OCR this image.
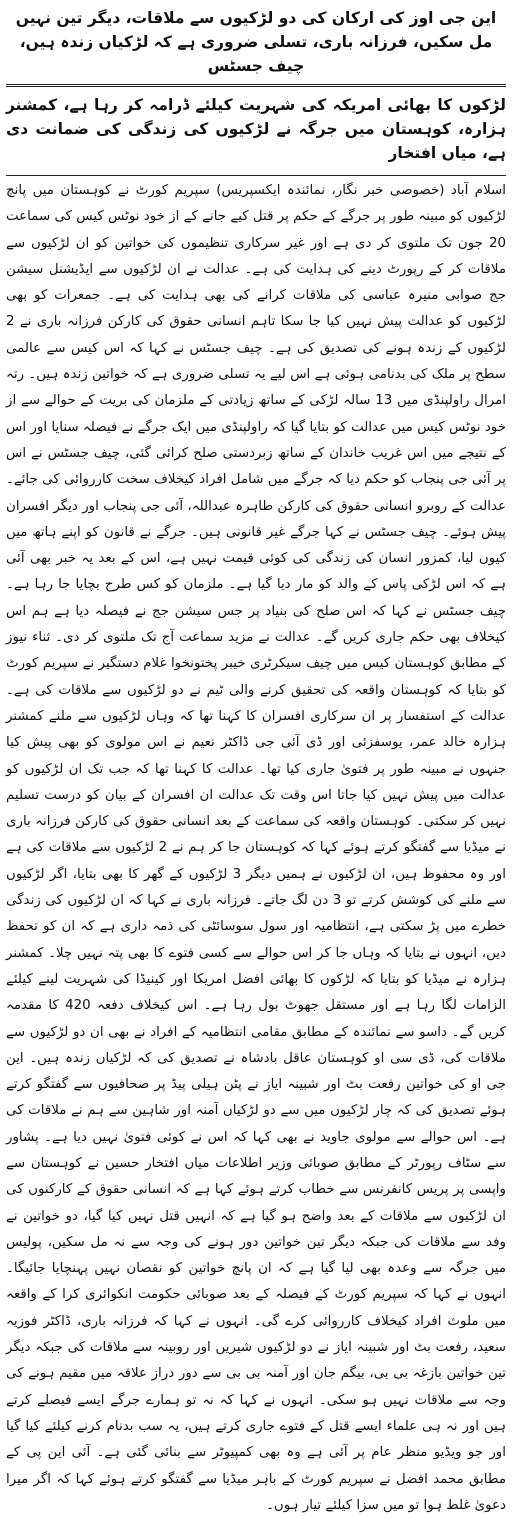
این جی اوز کی ارکان کی دو لڑکیوں سے ملاقات، دیگر تین نہیں مل سکیں، فرزانہ باری، تسلی ضروری ہے کہ لڑکیاں زندہ ہیں، چیف جسٹس
لڑکوں کا بھائی امریکہ کی شہریت کیلئے ڈرامہ کر رہا ہے، کمشنر ہزارہ، کوہستان میں جرگہ نے لڑکیوں کی زندگی کی ضمانت دی ہے، میاں افتخار

اسلام آباد (خصوصی خبر نگار، نمائندہ ایکسپریس) سپریم کورٹ نے کوہستان میں پانچ لڑکیوں کو مبینہ طور پر جرگے کے حکم پر قتل کیے جانے کے از خود نوٹس کیس کی سماعت 20 جون تک ملتوی کر دی ہے اور غیر سرکاری تنظیموں کی خواتین کو ان لڑکیوں سے ملاقات کر کے رپورٹ دینے کی ہدایت کی ہے۔ عدالت نے ان لڑکیوں سے ایڈیشنل سیشن جج صوابی منیرہ عباسی کی ملاقات کرانے کی بھی ہدایت کی ہے۔ جمعرات کو بھی لڑکیوں کو عدالت پیش نہیں کیا جا سکا تاہم انسانی حقوق کی کارکن فرزانہ باری نے 2 لڑکیوں کے زندہ ہونے کی تصدیق کی ہے۔ چیف جسٹس نے کہا کہ اس کیس سے عالمی سطح پر ملک کی بدنامی ہوئی ہے اس لیے یہ تسلی ضروری ہے کہ خواتین زندہ ہیں۔ رتہ امرال راولپنڈی میں 13 سالہ لڑکی کے ساتھ زیادتی کے ملزمان کی بریت کے حوالے سے از خود نوٹس کیس میں عدالت کو بتایا گیا کہ راولپنڈی میں ایک جرگے نے فیصلہ سنایا اور اس کے نتیجے میں اس غریب خاندان کے ساتھ زبردستی صلح کرائی گئی، چیف جسٹس نے اس پر آئی جی پنجاب کو حکم دیا کہ جرگے میں شامل افراد کیخلاف سخت کارروائی کی جائے۔ عدالت کے روبرو انسانی حقوق کی کارکن طاہرہ عبداللہ، آئی جی پنجاب اور دیگر افسران پیش ہوئے۔ چیف جسٹس نے کہا جرگے غیر قانونی ہیں۔ جرگے نے قانون کو اپنے ہاتھ میں کیوں لیا، کمزور انسان کی زندگی کی کوئی قیمت نہیں ہے، اس کے بعد یہ خبر بھی آئی ہے کہ اس لڑکی پاس کے والد کو مار دیا گیا ہے۔ ملزمان کو کس طرح بچایا جا رہا ہے۔ چیف جسٹس نے کہا کہ اس صلح کی بنیاد پر جس سیشن جج نے فیصلہ دیا ہے ہم اس کیخلاف بھی حکم جاری کریں گے۔ عدالت نے مزید سماعت آج تک ملتوی کر دی۔ ثناء نیوز کے مطابق کوہستان کیس میں چیف سیکرٹری خیبر پختونخوا غلام دستگیر نے سپریم کورٹ کو بتایا کہ کوہستان واقعہ کی تحقیق کرنے والی ٹیم نے دو لڑکیوں سے ملاقات کی ہے۔ عدالت کے استفسار پر ان سرکاری افسران کا کہنا تھا کہ وہاں لڑکیوں سے ملنے کمشنر ہزارہ خالد عمر، یوسفزئی اور ڈی آئی جی ڈاکٹر نعیم نے اس مولوی کو بھی پیش کیا جنہوں نے مبینہ طور پر فتویٰ جاری کیا تھا۔ عدالت کا کہنا تھا کہ جب تک ان لڑکیوں کو عدالت میں پیش نہیں کیا جاتا اس وقت تک عدالت ان افسران کے بیان کو درست تسلیم نہیں کر سکتی۔ کوہستان واقعہ کی سماعت کے بعد انسانی حقوق کی کارکن فرزانہ باری نے میڈیا سے گفتگو کرتے ہوئے کہا کہ کوہستان جا کر ہم نے 2 لڑکیوں سے ملاقات کی ہے اور وہ محفوظ ہیں، ان لڑکیوں نے ہمیں دیگر 3 لڑکیوں کے گھر کا بھی بتایا، اگر لڑکیوں سے ملنے کی کوشش کرتے تو 3 دن لگ جاتے۔ فرزانہ باری نے کہا کہ ان لڑکیوں کی زندگی خطرے میں پڑ سکتی ہے، انتظامیہ اور سول سوسائٹی کی ذمہ داری ہے کہ ان کو تحفظ دیں، انہوں نے بتایا کہ وہاں جا کر اس حوالے سے کسی فتوے کا بھی پتہ نہیں چلا۔ کمشنر ہزارہ نے میڈیا کو بتایا کہ لڑکوں کا بھائی افضل امریکا اور کینیڈا کی شہریت لینے کیلئے الزامات لگا رہا ہے اور مستقل جھوٹ بول رہا ہے۔ اس کیخلاف دفعہ 420 کا مقدمہ کریں گے۔ داسو سے نمائندہ کے مطابق مقامی انتظامیہ کے افراد نے بھی ان دو لڑکیوں سے ملاقات کی، ڈی سی او کوہستان عاقل بادشاہ نے تصدیق کی کہ لڑکیاں زندہ ہیں۔ این جی او کی خواتین رفعت بٹ اور شبینہ ایاز نے پٹن ہیلی پیڈ پر صحافیوں سے گفتگو کرتے ہوئے تصدیق کی کہ چار لڑکیوں میں سے دو لڑکیاں آمنہ اور شاہین سے ہم نے ملاقات کی ہے۔ اس حوالے سے مولوی جاوید نے بھی کہا کہ اس نے کوئی فتویٰ نہیں دیا ہے۔ پشاور سے سٹاف رپورٹر کے مطابق صوبائی وزیر اطلاعات میاں افتخار حسین نے کوہستان سے واپسی پر پریس کانفرنس سے خطاب کرتے ہوئے کہا ہے کہ انسانی حقوق کے کارکنوں کی ان لڑکیوں سے ملاقات کے بعد واضح ہو گیا ہے کہ انہیں قتل نہیں کیا گیا، دو خواتین نے وفد سے ملاقات کی جبکہ دیگر تین خواتین دور ہونے کی وجہ سے نہ مل سکیں، پولیس میں جرگہ سے وعدہ بھی لیا گیا ہے کہ ان پانچ خواتین کو نقصان نہیں پہنچایا جائیگا۔ انہوں نے کہا کہ سپریم کورٹ کے فیصلہ کے بعد صوبائی حکومت انکوائری کرا کے واقعہ میں ملوث افراد کیخلاف کارروائی کرے گی۔ انہوں نے کہا کہ فرزانہ باری، ڈاکٹر فوزیہ سعید، رفعت بٹ اور شبینہ ایاز نے دو لڑکیوں شیریں اور روبینہ سے ملاقات کی جبکہ دیگر تین خواتین بازغہ بی بی، بیگم جان اور آمنہ بی بی سے دور دراز علاقہ میں مقیم ہونے کی وجہ سے ملاقات نہیں ہو سکی۔ انہوں نے کہا کہ نہ تو ہمارے جرگے ایسے فیصلے کرتے ہیں اور نہ ہی علماء ایسے قتل کے فتوے جاری کرتے ہیں، یہ سب بدنام کرنے کیلئے کیا گیا اور جو ویڈیو منظر عام پر آئی ہے وہ بھی کمپیوٹر سے بنائی گئی ہے۔ آئی این پی کے مطابق محمد افضل نے سپریم کورٹ کے باہر میڈیا سے گفتگو کرتے ہوئے کہا کہ اگر میرا دعویٰ غلط ہوا تو میں سزا کیلئے تیار ہوں۔
